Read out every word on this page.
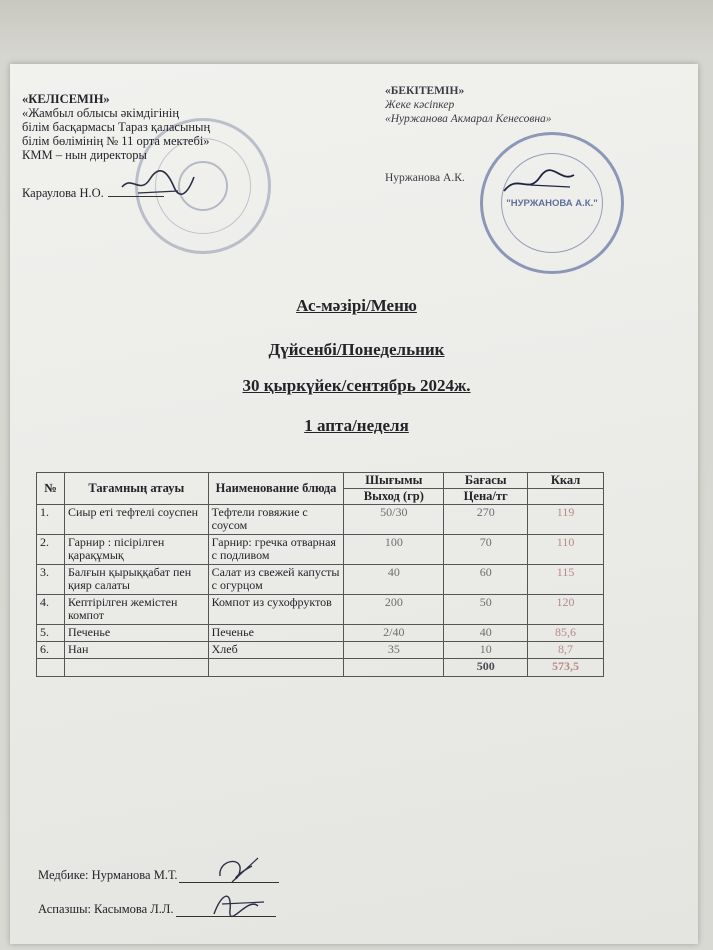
"НУРЖАНОВА А.К."
«КЕЛІСЕМІН»
«Жамбыл облысы әкімдігінің
білім басқармасы Тараз қаласының
білім бөлімінің № 11 орта мектебі»
КММ – нын директоры
Караулова Н.О.
«БЕКІТЕМІН»
Жеке кәсіпкер
«Нуржанова Акмарал Кенесовна»
Нуржанова А.К.
Ас-мәзірі/Меню
Дүйсенбі/Понедельник
30 қыркүйек/сентябрь 2024ж.
1 апта/неделя
№	Тағамның атауы	Наименование блюда	Шығымы	Бағасы	Ккал
			Выход (гр)	Цена/тг	
1.	Сиыр еті тефтелі соуспен	Тефтели говяжие с соусом	50/30	270	119
2.	Гарнир : пісірілген қарақұмық	Гарнир: гречка отварная с подливом	100	70	110
3.	Балғын қырыққабат пен қияр салаты	Салат из свежей капусты с огурцом	40	60	115
4.	Кептірілген жемістен компот	Компот из сухофруктов	200	50	120
5.	Печенье	Печенье	2/40	40	85,6
6.	Нан	Хлеб	35	10	8,7
				500	573,5
Медбике: Нурманова М.Т.
Аспазшы: Касымова Л.Л.
